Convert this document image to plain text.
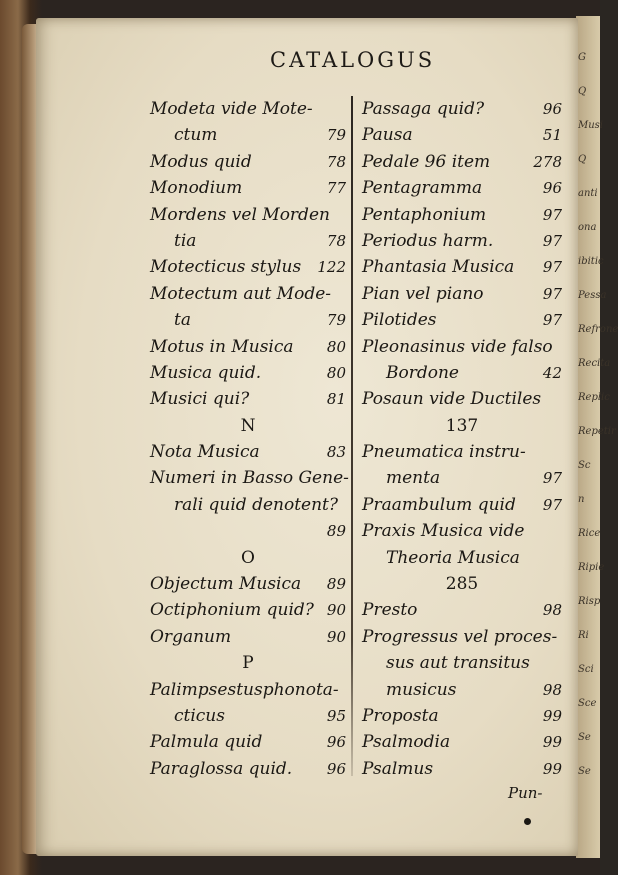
G
Q
Musi
Q
anti
ona
ibitic
Pessa
Refrone
Recita
Replic
Repetir
Sc
n
Rice
Ripie
Risp
Ri
Sci
Sce
Se
Se
CATALOGUS
Modeta vide Mote-
ctum	79
Modus quid	78
Monodium	77
Mordens vel Morden
tia	78
Motecticus stylus 122
Motectum aut Mode-
ta	79
Motus in Musica 80
Musica quid.	80
Musici qui?	81
N
Nota Musica	83
Numeri in Basso Gene-
rali quid denotent?
89
O
Objectum Musica 89
Octiphonium quid? 90
Organum	90
P
Palimpsestusphonota-
cticus	95
Palmula quid	96
Paraglossa quid. 96
Passaga quid?	96
Pausa	51
Pedale 96 item	278
Pentagramma	96
Pentaphonium	97
Periodus harm.	97
Phantasia Musica 97
Pian vel piano	97
Pilotides	97
Pleonasinus vide falso
Bordone	42
Posaun vide Ductiles
137
Pneumatica instru-
menta	97
Praambulum quid 97
Praxis Musica vide
Theoria Musica
285
Presto	98
Progressus vel proces-
sus aut transitus
musicus	98
Proposta	99
Psalmodia	99
Psalmus	99
Pun-
